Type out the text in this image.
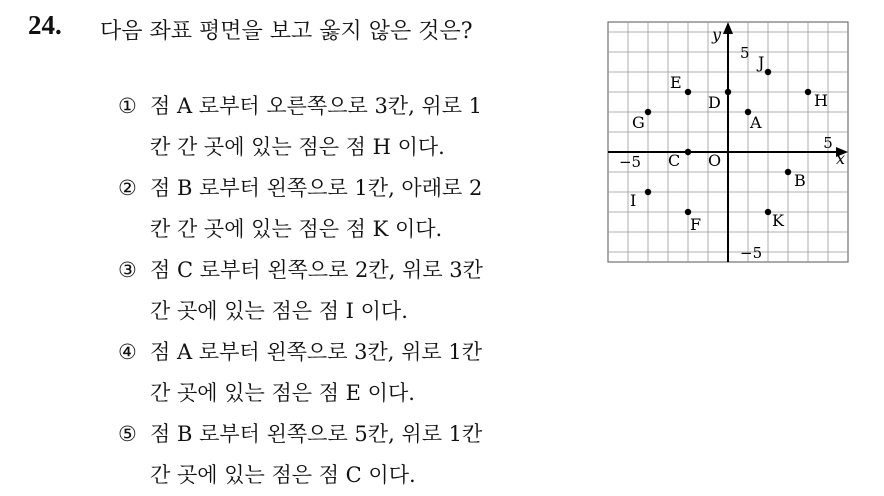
24. 다음 좌표 평면을 보고 옳지 않은 것은?
① 점 A 로부터 오른쪽으로 3칸, 위로 1
칸 간 곳에 있는 점은 점 H 이다.
② 점 B 로부터 왼쪽으로 1칸, 아래로 2
칸 간 곳에 있는 점은 점 K 이다.
③ 점 C 로부터 왼쪽으로 2칸, 위로 3칸
간 곳에 있는 점은 점 I 이다.
④ 점 A 로부터 왼쪽으로 3칸, 위로 1칸
간 곳에 있는 점은 점 E 이다.
⑤ 점 B 로부터 왼쪽으로 5칸, 위로 1칸
간 곳에 있는 점은 점 C 이다.
x
y
O
5
−5
5
−5
A
B
C
D
E
F
G
H
I
J
K
